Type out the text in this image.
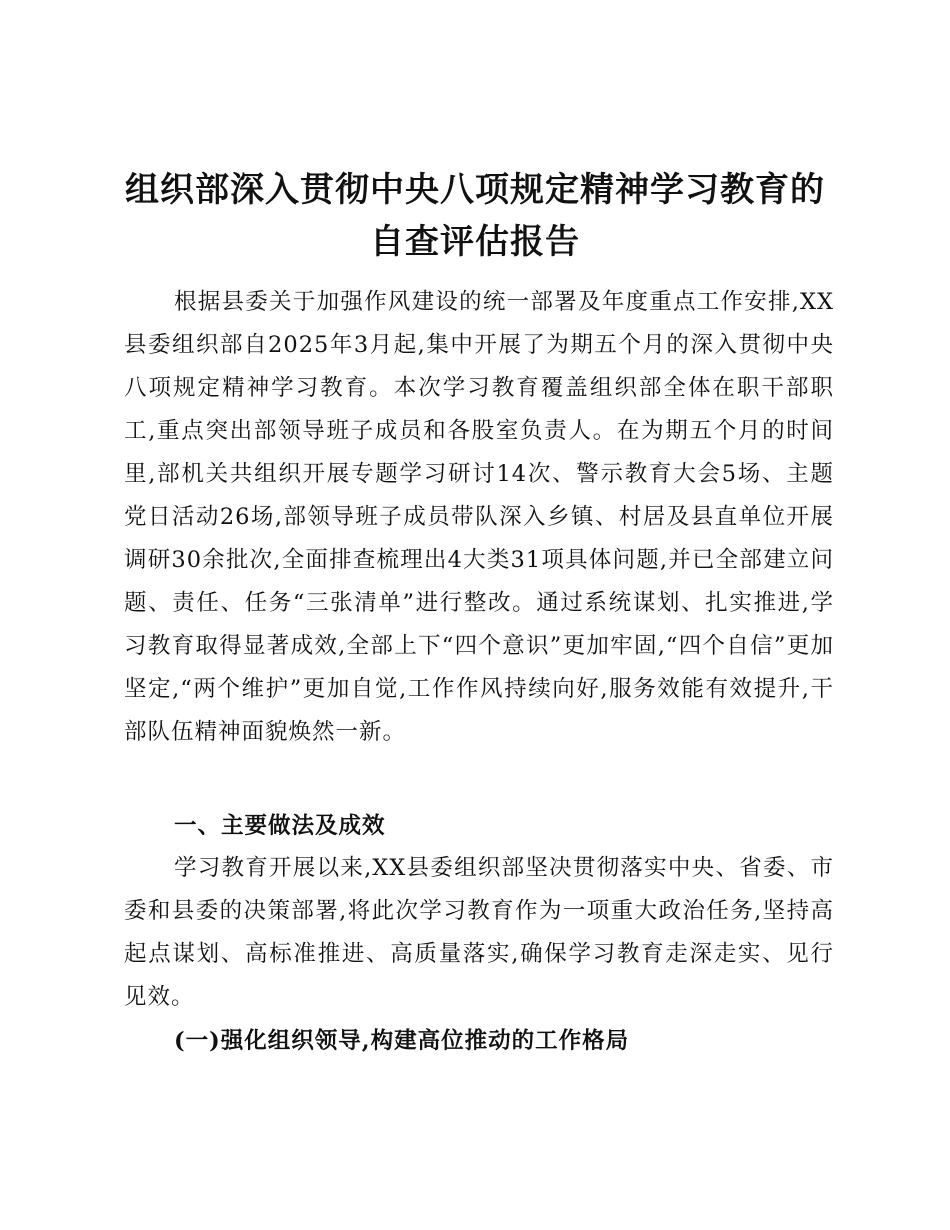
组织部深入贯彻中央八项规定精神学习教育的
自查评估报告

根据县委关于加强作风建设的统一部署及年度重点工作安排,XX县委组织部自2025年3月起,集中开展了为期五个月的深入贯彻中央八项规定精神学习教育。本次学习教育覆盖组织部全体在职干部职工,重点突出部领导班子成员和各股室负责人。在为期五个月的时间里,部机关共组织开展专题学习研讨14次、警示教育大会5场、主题党日活动26场,部领导班子成员带队深入乡镇、村居及县直单位开展调研30余批次,全面排查梳理出4大类31项具体问题,并已全部建立问题、责任、任务“三张清单”进行整改。通过系统谋划、扎实推进,学习教育取得显著成效,全部上下“四个意识”更加牢固,“四个自信”更加坚定,“两个维护”更加自觉,工作作风持续向好,服务效能有效提升,干部队伍精神面貌焕然一新。

一、主要做法及成效

学习教育开展以来,XX县委组织部坚决贯彻落实中央、省委、市委和县委的决策部署,将此次学习教育作为一项重大政治任务,坚持高起点谋划、高标准推进、高质量落实,确保学习教育走深走实、见行见效。

(一)强化组织领导,构建高位推动的工作格局
